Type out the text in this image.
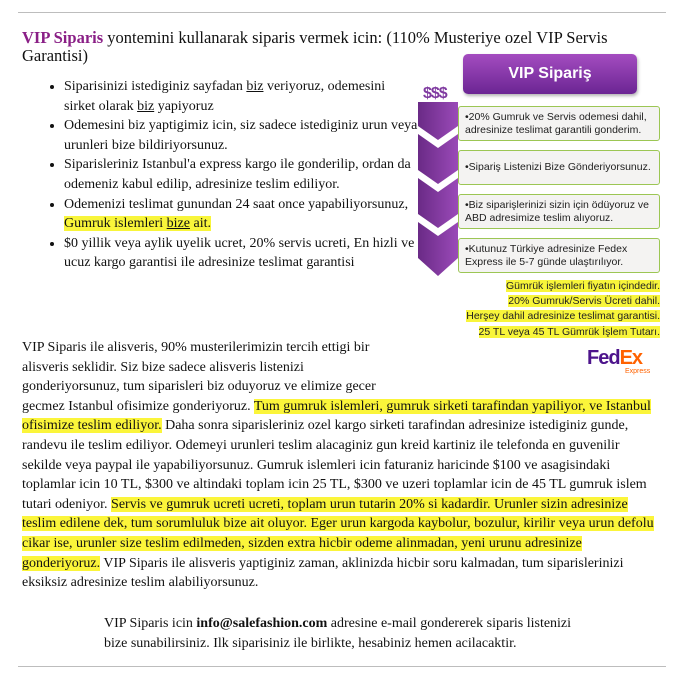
VIP Siparis yontemini kullanarak siparis vermek icin: (110% Musteriye ozel VIP Servis Garantisi)
• Siparisinizi istediginiz sayfadan biz veriyoruz, odemesini sirket olarak biz yapiyoruz
• Odemesini biz yaptigimiz icin, siz sadece istediginiz urun veya urunleri bize bildiriyorsunuz.
• Siparisleriniz Istanbul'a express kargo ile gonderilip, ordan da odemeniz kabul edilip, adresinize teslim ediliyor.
• Odemenizi teslimat gunundan 24 saat once yapabiliyorsunuz, Gumruk islemleri bize ait.
• $0 yillik veya aylik uyelik ucret, 20% servis ucreti, En hizli ve ucuz kargo garantisi ile adresinize teslimat garantisi
VIP Sipariş
$$$
•20% Gumruk ve Servis odemesi dahil, adresinize teslimat garantili gonderim.
•Sipariş Listenizi Bize Gönderiyorsunuz.
•Biz siparişlerinizi sizin için ödüyoruz ve ABD adresimize teslim alıyoruz.
•Kutunuz Türkiye adresinize Fedex Express ile 5-7 günde ulaştırılıyor.
Gümrük işlemleri fiyatın içindedir.
20% Gumruk/Servis Ücreti dahil.
Herşey dahil adresinize teslimat garantisi.
25 TL veya 45 TL Gümrük İşlem Tutarı.
FedEx
Express

VIP Siparis ile alisveris, 90% musterilerimizin tercih ettigi bir alisveris seklidir. Siz bize sadece alisveris listenizi gonderiyorsunuz, tum siparisleri biz oduyoruz ve elimize gecer gecmez Istanbul ofisimize gonderiyoruz. Tum gumruk islemleri, gumruk sirketi tarafindan yapiliyor, ve Istanbul ofisimize teslim ediliyor. Daha sonra siparisleriniz ozel kargo sirketi tarafindan adresinize istediginiz gunde, randevu ile teslim ediliyor. Odemeyi urunleri teslim alacaginiz gun kreid kartiniz ile telefonda en guvenilir sekilde veya paypal ile yapabiliyorsunuz. Gumruk islemleri icin faturaniz haricinde $100 ve asagisindaki toplamlar icin 10 TL, $300 ve altindaki toplam icin 25 TL, $300 ve uzeri toplamlar icin de 45 TL gumruk islem tutari odeniyor. Servis ve gumruk ucreti ucreti, toplam urun tutarin 20% si kadardir. Urunler sizin adresinize teslim edilene dek, tum sorumluluk bize ait oluyor. Eger urun kargoda kaybolur, bozulur, kirilir veya urun defolu cikar ise, urunler size teslim edilmeden, sizden extra hicbir odeme alinmadan, yeni urunu adresinize gonderiyoruz. VIP Siparis ile alisveris yaptiginiz zaman, aklinizda hicbir soru kalmadan, tum siparislerinizi eksiksiz adresinize teslim alabiliyorsunuz.

VIP Siparis icin info@salefashion.com adresine e-mail gondererek siparis listenizi bize sunabilirsiniz. Ilk siparisiniz ile birlikte, hesabiniz hemen acilacaktir.
